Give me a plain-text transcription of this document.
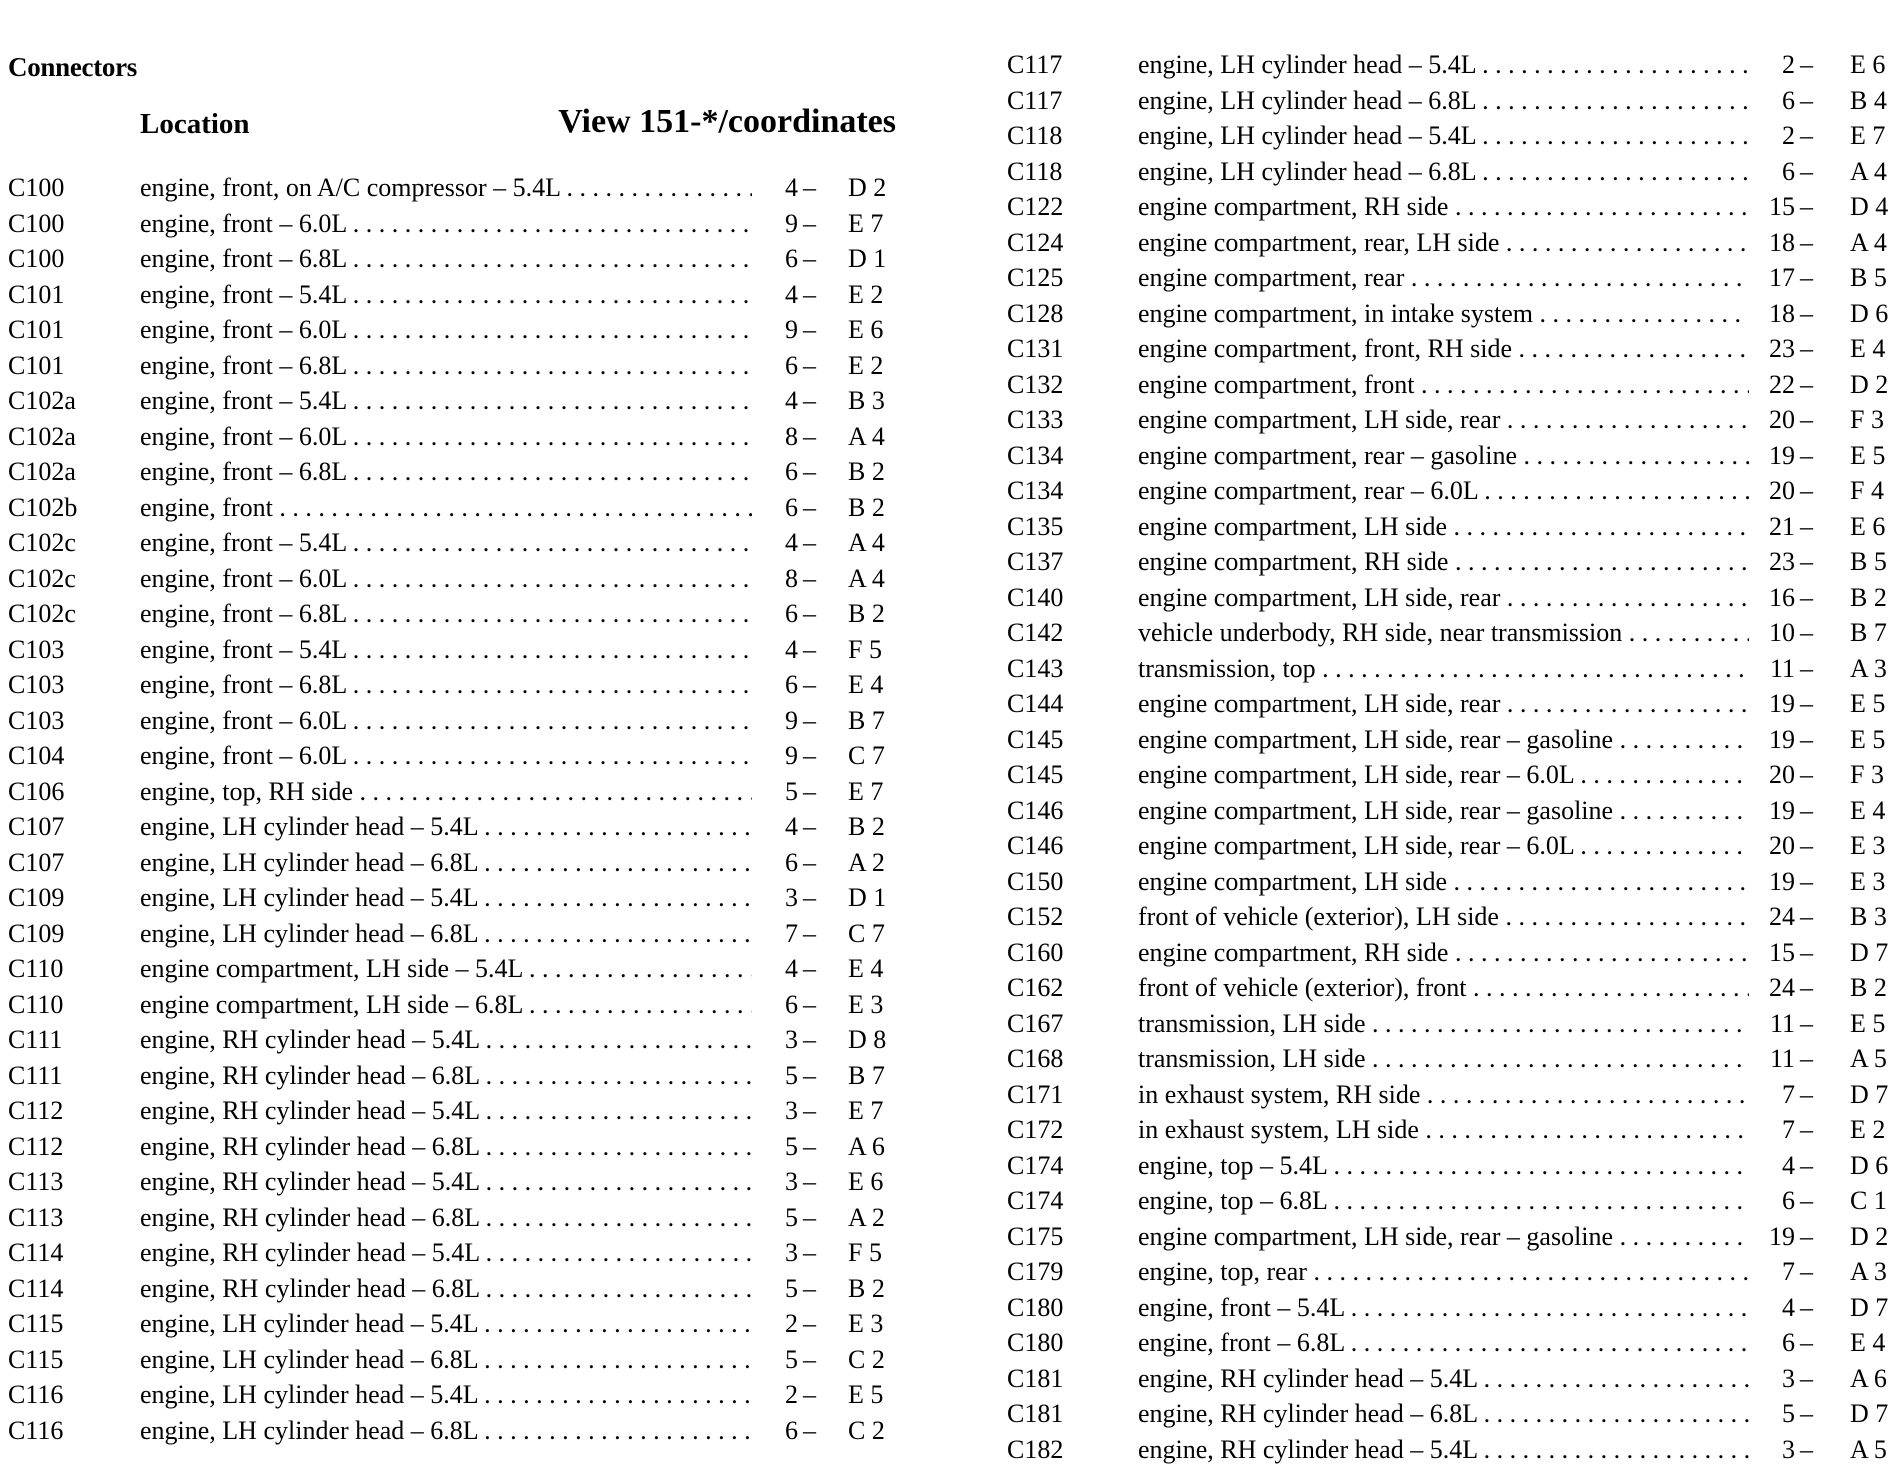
Connectors
Location	View 151-*/coordinates
C100	engine, front, on A/C compressor – 5.4L . . .	4 – D 2
C100	engine, front – 6.0L . . .	9 – E 7
C100	engine, front – 6.8L . . .	6 – D 1
C101	engine, front – 5.4L . . .	4 – E 2
C101	engine, front – 6.0L . . .	9 – E 6
C101	engine, front – 6.8L . . .	6 – E 2
C102a engine, front – 5.4L . . .	4 – B 3
C102a engine, front – 6.0L . . .	8 – A 4
C102a engine, front – 6.8L . . .	6 – B 2
C102b engine, front . . .	6 – B 2
C102c engine, front – 5.4L . . .	4 – A 4
C102c engine, front – 6.0L . . .	8 – A 4
C102c engine, front – 6.8L . . .	6 – B 2
C103	engine, front – 5.4L . . .	4 – F 5
C103	engine, front – 6.8L . . .	6 – E 4
C103	engine, front – 6.0L . . .	9 – B 7
C104	engine, front – 6.0L . . .	9 – C 7
C106	engine, top, RH side . . .	5 – E 7
C107	engine, LH cylinder head – 5.4L . . .	4 – B 2
C107	engine, LH cylinder head – 6.8L . . .	6 – A 2
C109	engine, LH cylinder head – 5.4L . . .	3 – D 1
C109	engine, LH cylinder head – 6.8L . . .	7 – C 7
C110	engine compartment, LH side – 5.4L . . .	4 – E 4
C110	engine compartment, LH side – 6.8L . . .	6 – E 3
C111	engine, RH cylinder head – 5.4L . . .	3 – D 8
C111	engine, RH cylinder head – 6.8L . . .	5 – B 7
C112	engine, RH cylinder head – 5.4L . . .	3 – E 7
C112	engine, RH cylinder head – 6.8L . . .	5 – A 6
C113	engine, RH cylinder head – 5.4L . . .	3 – E 6
C113	engine, RH cylinder head – 6.8L . . .	5 – A 2
C114	engine, RH cylinder head – 5.4L . . .	3 – F 5
C114	engine, RH cylinder head – 6.8L . . .	5 – B 2
C115	engine, LH cylinder head – 5.4L . . .	2 – E 3
C115	engine, LH cylinder head – 6.8L . . .	5 – C 2
C116	engine, LH cylinder head – 5.4L . . .	2 – E 5
C116	engine, LH cylinder head – 6.8L . . .	6 – C 2
C117	engine, LH cylinder head – 5.4L . . .	2 – E 6
C117	engine, LH cylinder head – 6.8L . . .	6 – B 4
C118	engine, LH cylinder head – 5.4L . . .	2 – E 7
C118	engine, LH cylinder head – 6.8L . . .	6 – A 4
C122	engine compartment, RH side . . .	15 – D 4
C124	engine compartment, rear, LH side . . .	18 – A 4
C125	engine compartment, rear . . .	17 – B 5
C128	engine compartment, in intake system . . .	18 – D 6
C131	engine compartment, front, RH side . . .	23 – E 4
C132	engine compartment, front . . .	22 – D 2
C133	engine compartment, LH side, rear . . .	20 – F 3
C134	engine compartment, rear – gasoline . . .	19 – E 5
C134	engine compartment, rear – 6.0L . . .	20 – F 4
C135	engine compartment, LH side . . .	21 – E 6
C137	engine compartment, RH side . . .	23 – B 5
C140	engine compartment, LH side, rear . . .	16 – B 2
C142	vehicle underbody, RH side, near transmission . . .	10 – B 7
C143	transmission, top . . .	11 – A 3
C144	engine compartment, LH side, rear . . .	19 – E 5
C145	engine compartment, LH side, rear – gasoline . . .	19 – E 5
C145	engine compartment, LH side, rear – 6.0L . . .	20 – F 3
C146	engine compartment, LH side, rear – gasoline . . .	19 – E 4
C146	engine compartment, LH side, rear – 6.0L . . .	20 – E 3
C150	engine compartment, LH side . . .	19 – E 3
C152	front of vehicle (exterior), LH side . . .	24 – B 3
C160	engine compartment, RH side . . .	15 – D 7
C162	front of vehicle (exterior), front . . .	24 – B 2
C167	transmission, LH side . . .	11 – E 5
C168	transmission, LH side . . .	11 – A 5
C171	in exhaust system, RH side . . .	7 – D 7
C172	in exhaust system, LH side . . .	7 – E 2
C174	engine, top – 5.4L . . .	4 – D 6
C174	engine, top – 6.8L . . .	6 – C 1
C175	engine compartment, LH side, rear – gasoline . . .	19 – D 2
C179	engine, top, rear . . .	7 – A 3
C180	engine, front – 5.4L . . .	4 – D 7
C180	engine, front – 6.8L . . .	6 – E 4
C181	engine, RH cylinder head – 5.4L . . .	3 – A 6
C181	engine, RH cylinder head – 6.8L . . .	5 – D 7
C182	engine, RH cylinder head – 5.4L . . .	3 – A 5
